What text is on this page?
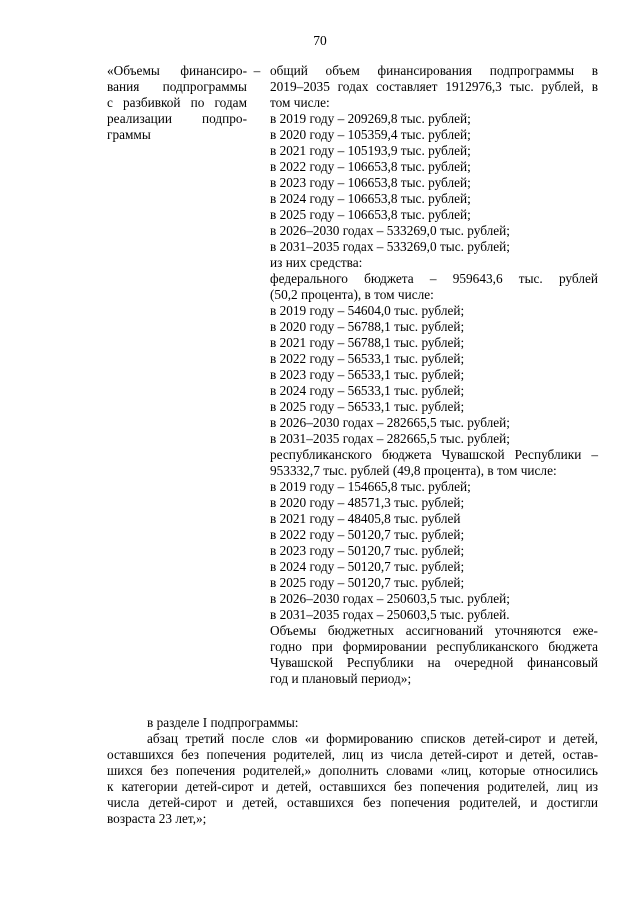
70
«Объемы финансиро-
вания подпрограммы
с разбивкой по годам
реализации подпро-
граммы
– общий объем финансирования подпрограммы в
2019–2035 годах составляет 1912976,3 тыс. рублей, в
том числе:
в 2019 году – 209269,8 тыс. рублей;
в 2020 году – 105359,4 тыс. рублей;
в 2021 году – 105193,9 тыс. рублей;
в 2022 году – 106653,8 тыс. рублей;
в 2023 году – 106653,8 тыс. рублей;
в 2024 году – 106653,8 тыс. рублей;
в 2025 году – 106653,8 тыс. рублей;
в 2026–2030 годах – 533269,0 тыс. рублей;
в 2031–2035 годах – 533269,0 тыс. рублей;
из них средства:
федерального бюджета – 959643,6 тыс. рублей
(50,2 процента), в том числе:
в 2019 году – 54604,0 тыс. рублей;
в 2020 году – 56788,1 тыс. рублей;
в 2021 году – 56788,1 тыс. рублей;
в 2022 году – 56533,1 тыс. рублей;
в 2023 году – 56533,1 тыс. рублей;
в 2024 году – 56533,1 тыс. рублей;
в 2025 году – 56533,1 тыс. рублей;
в 2026–2030 годах – 282665,5 тыс. рублей;
в 2031–2035 годах – 282665,5 тыс. рублей;
республиканского бюджета Чувашской Республики –
953332,7 тыс. рублей (49,8 процента), в том числе:
в 2019 году – 154665,8 тыс. рублей;
в 2020 году – 48571,3 тыс. рублей;
в 2021 году – 48405,8 тыс. рублей
в 2022 году – 50120,7 тыс. рублей;
в 2023 году – 50120,7 тыс. рублей;
в 2024 году – 50120,7 тыс. рублей;
в 2025 году – 50120,7 тыс. рублей;
в 2026–2030 годах – 250603,5 тыс. рублей;
в 2031–2035 годах – 250603,5 тыс. рублей.
Объемы бюджетных ассигнований уточняются еже-
годно при формировании республиканского бюджета
Чувашской Республики на очередной финансовый
год и плановый период»;
в разделе I подпрограммы:
абзац третий после слов «и формированию списков детей-сирот и детей,
оставшихся без попечения родителей, лиц из числа детей-сирот и детей, остав-
шихся без попечения родителей,» дополнить словами «лиц, которые относились
к категории детей-сирот и детей, оставшихся без попечения родителей, лиц из
числа детей-сирот и детей, оставшихся без попечения родителей, и достигли
возраста 23 лет,»;
